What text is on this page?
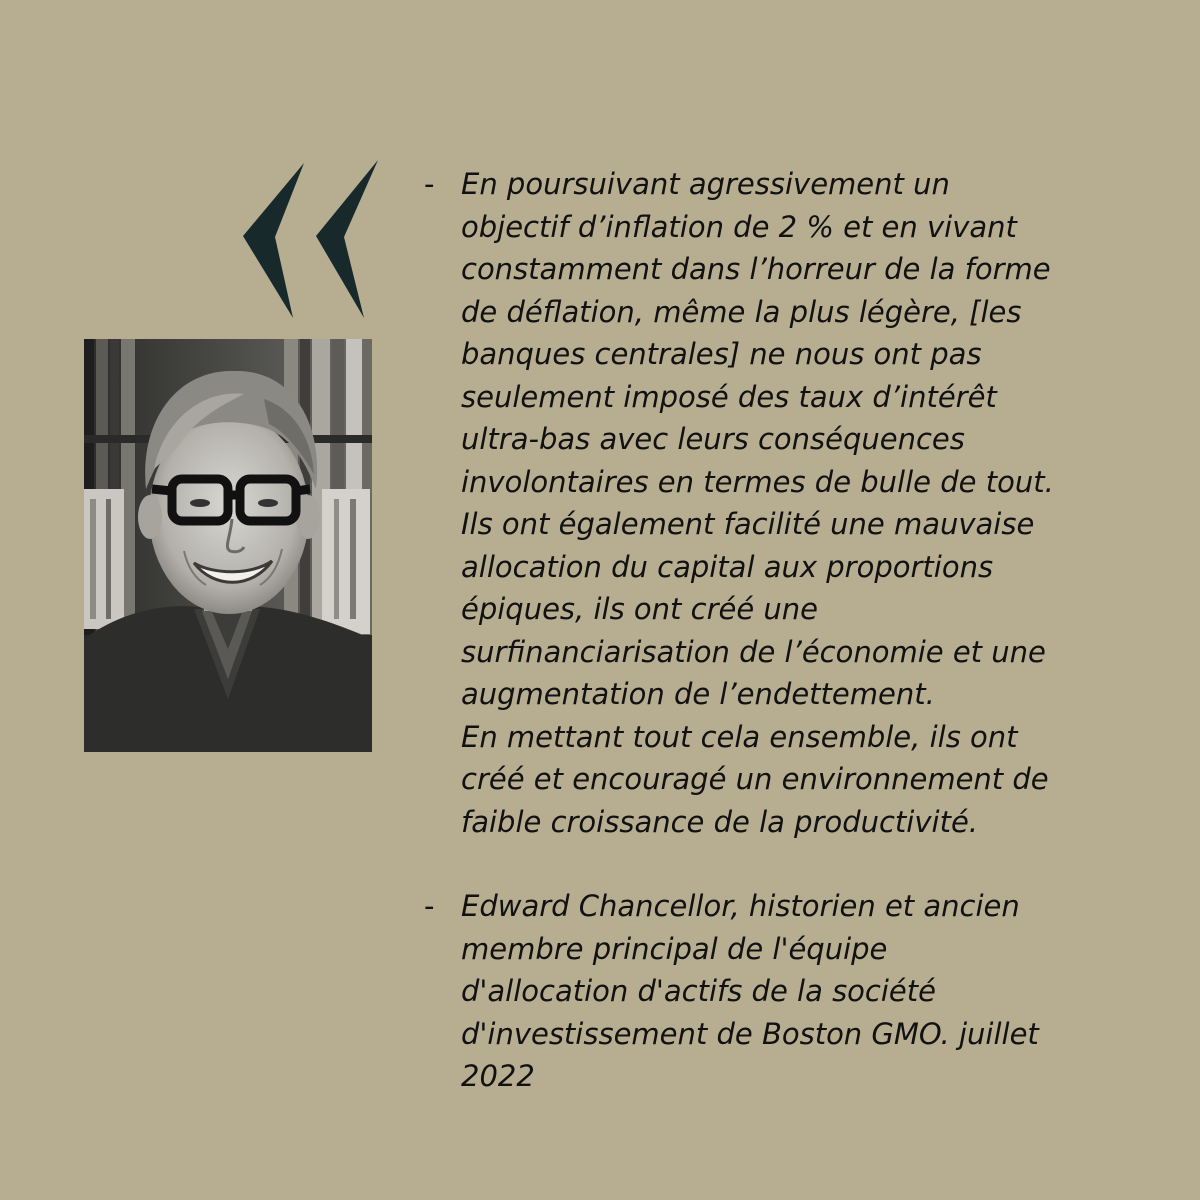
- En poursuivant agressivement un
objectif d’inflation de 2 % et en vivant
constamment dans l’horreur de la forme
de déflation, même la plus légère, [les
banques centrales] ne nous ont pas
seulement imposé des taux d’intérêt
ultra-bas avec leurs conséquences
involontaires en termes de bulle de tout.
Ils ont également facilité une mauvaise
allocation du capital aux proportions
épiques, ils ont créé une
surfinanciarisation de l’économie et une
augmentation de l’endettement.
En mettant tout cela ensemble, ils ont
créé et encouragé un environnement de
faible croissance de la productivité.
- Edward Chancellor, historien et ancien
membre principal de l'équipe
d'allocation d'actifs de la société
d'investissement de Boston GMO. juillet
2022
